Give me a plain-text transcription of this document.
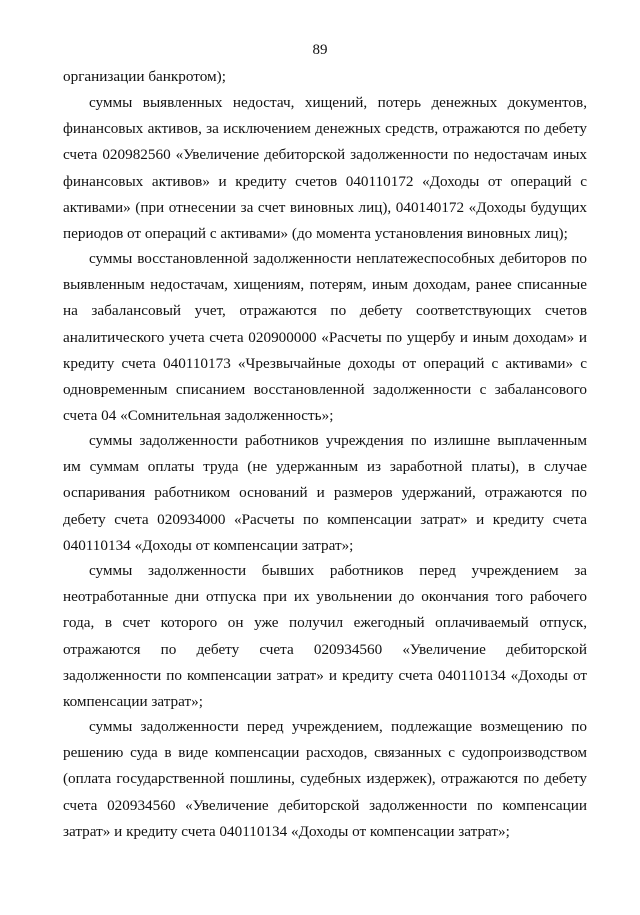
89

организации банкротом);

суммы выявленных недостач, хищений, потерь денежных документов, финансовых активов, за исключением денежных средств, отражаются по дебету счета 020982560 «Увеличение дебиторской задолженности по недостачам иных финансовых активов» и кредиту счетов 040110172 «Доходы от операций с активами» (при отнесении за счет виновных лиц), 040140172 «Доходы будущих периодов от операций с активами» (до момента установления виновных лиц);

суммы восстановленной задолженности неплатежеспособных дебиторов по выявленным недостачам, хищениям, потерям, иным доходам, ранее списанные на забалансовый учет, отражаются по дебету соответствующих счетов аналитического учета счета 020900000 «Расчеты по ущербу и иным доходам» и кредиту счета 040110173 «Чрезвычайные доходы от операций с активами» с одновременным списанием восстановленной задолженности с забалансового счета 04 «Сомнительная задолженность»;

суммы задолженности работников учреждения по излишне выплаченным им суммам оплаты труда (не удержанным из заработной платы), в случае оспаривания работником оснований и размеров удержаний, отражаются по дебету счета 020934000 «Расчеты по компенсации затрат» и кредиту счета 040110134 «Доходы от компенсации затрат»;

суммы задолженности бывших работников перед учреждением за неотработанные дни отпуска при их увольнении до окончания того рабочего года, в счет которого он уже получил ежегодный оплачиваемый отпуск, отражаются по дебету счета 020934560 «Увеличение дебиторской задолженности по компенсации затрат» и кредиту счета 040110134 «Доходы от компенсации затрат»;

суммы задолженности перед учреждением, подлежащие возмещению по решению суда в виде компенсации расходов, связанных с судопроизводством (оплата государственной пошлины, судебных издержек), отражаются по дебету счета 020934560 «Увеличение дебиторской задолженности по компенсации затрат» и кредиту счета 040110134 «Доходы от компенсации затрат»;
